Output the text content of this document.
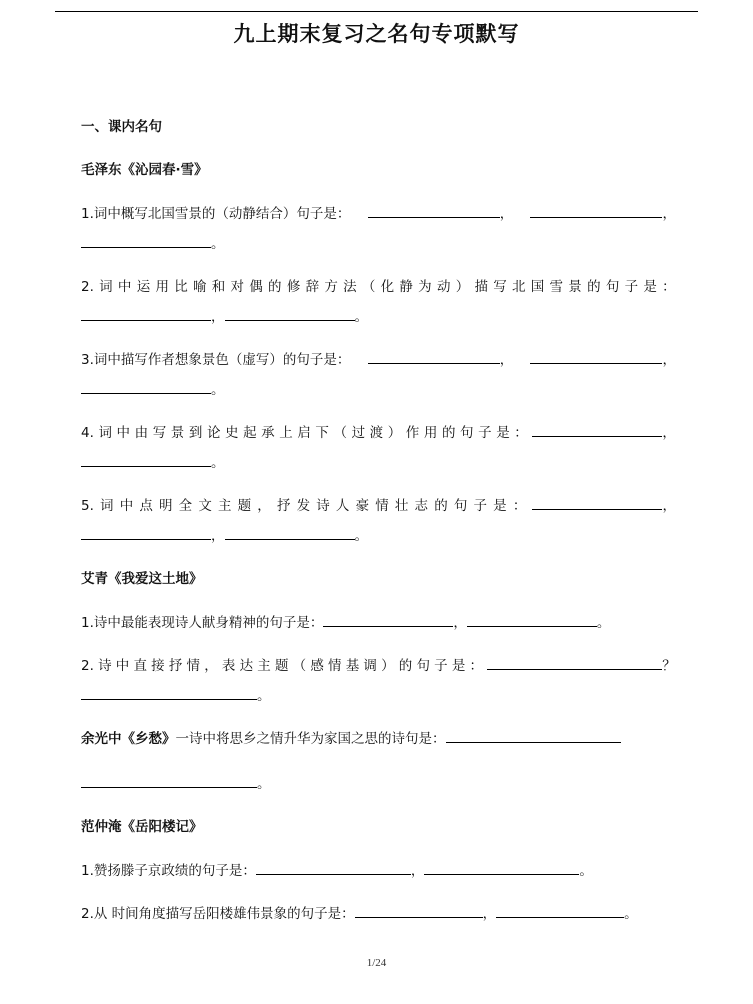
九上期末复习之名句专项默写
一、课内名句
毛泽东《沁园春·雪》
1.词中概写北国雪景的（动静结合）句子是：	，	，
。
2. 词 中 运 用 比 喻 和 对 偶 的 修 辞 方 法 （ 化 静 为 动 ） 描 写 北 国 雪 景 的 句 子 是 ：
，	。
3.词中描写作者想象景色（虚写）的句子是：	，	，
。
4. 词 中 由 写 景 到 论 史 起 承 上 启 下 （ 过 渡 ） 作 用 的 句 子 是 ：	，
。
5. 词 中 点 明 全 文 主 题 ， 抒 发 诗 人 豪 情 壮 志 的 句 子 是 ：	，
，	。
艾青《我爱这土地》
1.诗中最能表现诗人献身精神的句子是：	，	。
2. 诗 中 直 接 抒 情 ， 表 达 主 题 （ 感 情 基 调 ） 的 句 子 是 ：	？
。
余光中《乡愁》一诗中将思乡之情升华为家国之思的诗句是：
。
范仲淹《岳阳楼记》
1.赞扬滕子京政绩的句子是：	，	。
2.从 时间角度描写岳阳楼雄伟景象的句子是：	，	。
1/24
